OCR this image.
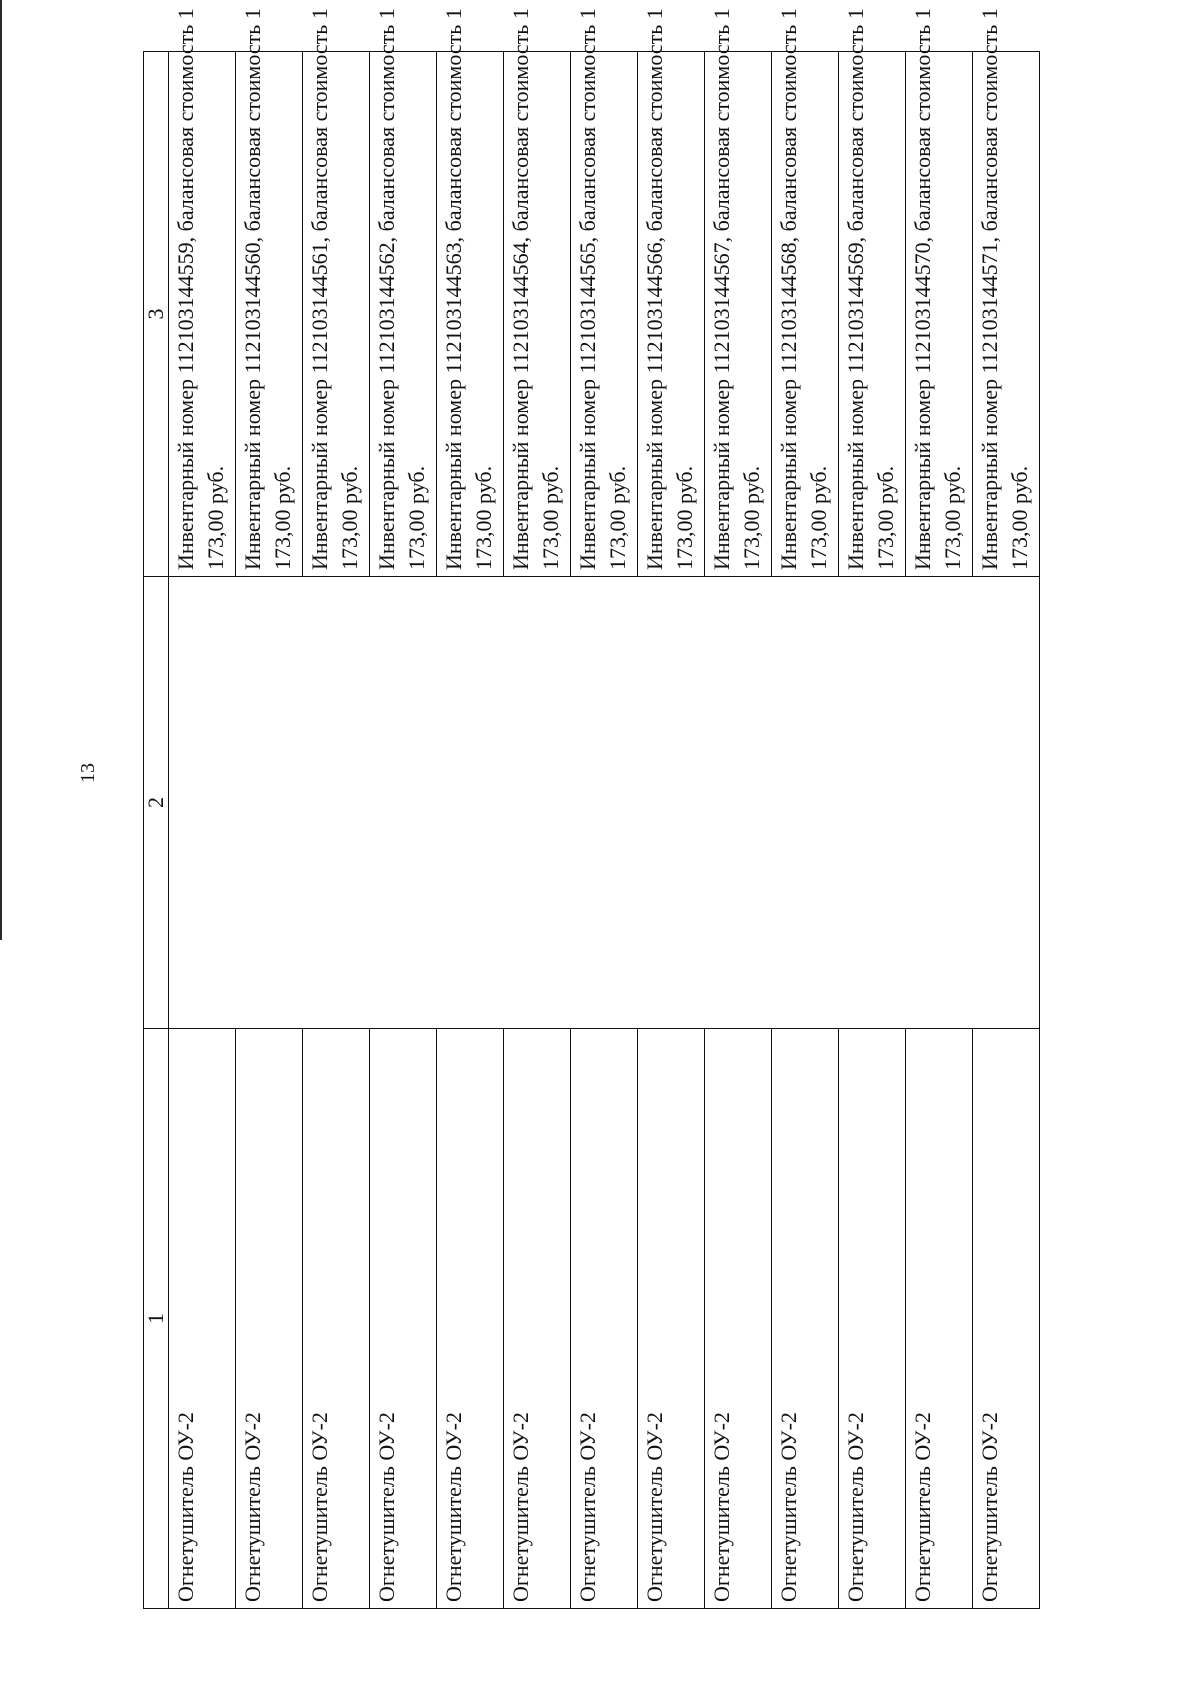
13
1	2	3
Огнетушитель ОУ-2		Инвентарный номер 112103144559, балансовая стоимость 1 173,00 руб.

Огнетушитель ОУ-2		Инвентарный номер 112103144560, балансовая стоимость 1 173,00 руб.

Огнетушитель ОУ-2		Инвентарный номер 112103144561, балансовая стоимость 1 173,00 руб.

Огнетушитель ОУ-2		Инвентарный номер 112103144562, балансовая стоимость 1 173,00 руб.

Огнетушитель ОУ-2		Инвентарный номер 112103144563, балансовая стоимость 1 173,00 руб.

Огнетушитель ОУ-2		Инвентарный номер 112103144564, балансовая стоимость 1 173,00 руб.

Огнетушитель ОУ-2		Инвентарный номер 112103144565, балансовая стоимость 1 173,00 руб.

Огнетушитель ОУ-2		Инвентарный номер 112103144566, балансовая стоимость 1 173,00 руб.

Огнетушитель ОУ-2		Инвентарный номер 112103144567, балансовая стоимость 1 173,00 руб.

Огнетушитель ОУ-2		Инвентарный номер 112103144568, балансовая стоимость 1 173,00 руб.

Огнетушитель ОУ-2		Инвентарный номер 112103144569, балансовая стоимость 1 173,00 руб.

Огнетушитель ОУ-2		Инвентарный номер 112103144570, балансовая стоимость 1 173,00 руб.

Огнетушитель ОУ-2		Инвентарный номер 112103144571, балансовая стоимость 1 173,00 руб.
